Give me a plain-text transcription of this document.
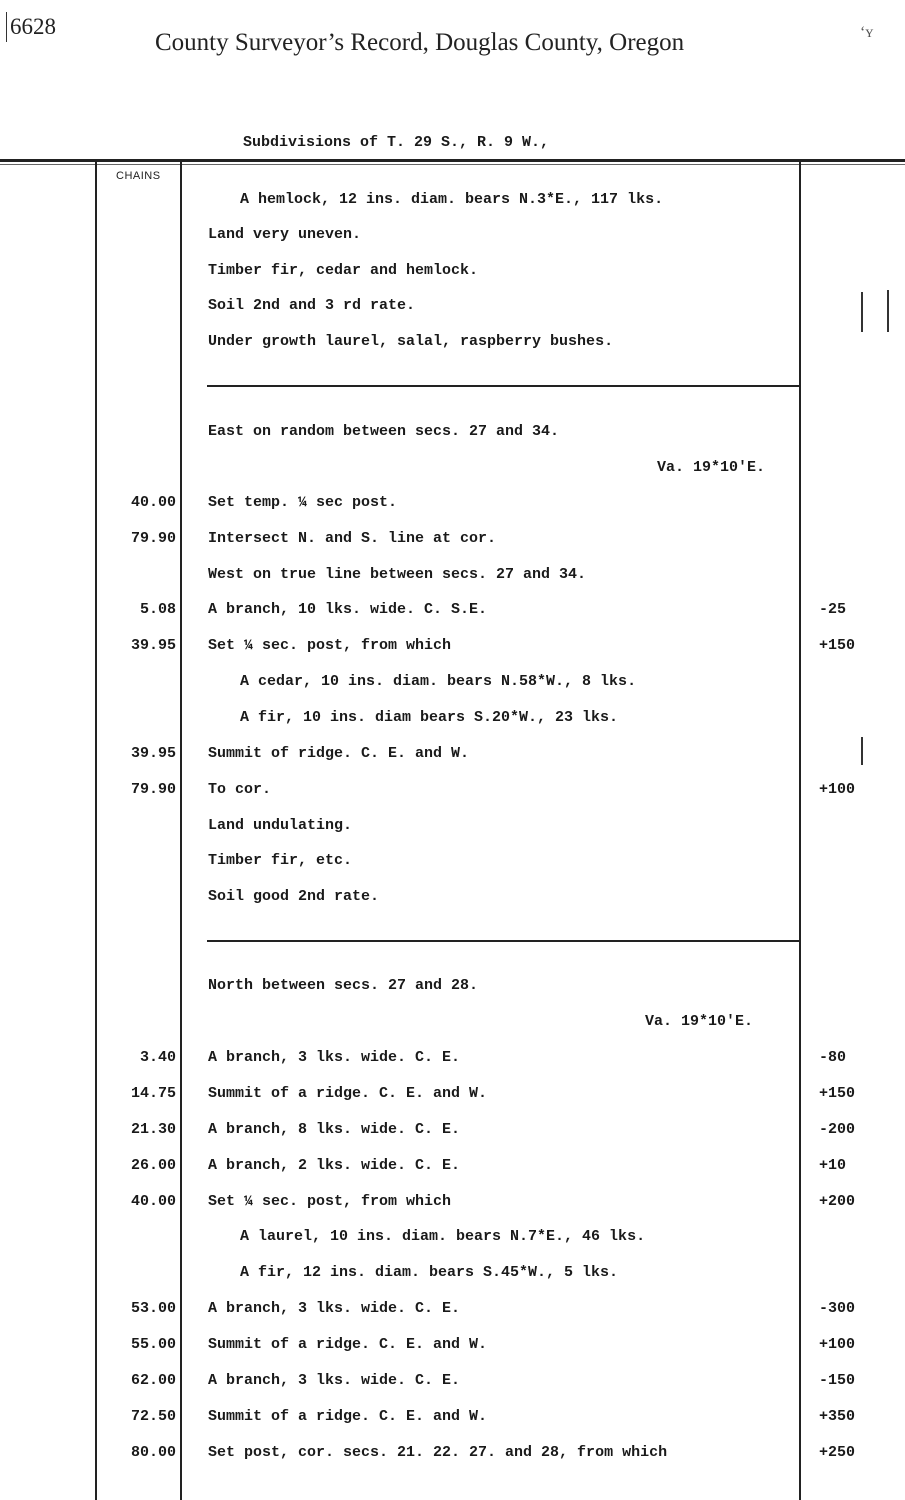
6628
County Surveyor’s Record, Douglas County, Oregon	ʻʏ
Subdivisions of T. 29 S., R. 9 W.,
CHAINS
A hemlock, 12 ins. diam. bears N.3*E., 117 lks.
Land very uneven.
Timber fir, cedar and hemlock.
Soil 2nd and 3 rd rate.
Under growth laurel, salal, raspberry bushes.
East on random between secs. 27 and 34.
Va. 19*10'E.
40.00 Set temp. ¼ sec post.
79.90 Intersect N. and S. line at cor.
West on true line between secs. 27 and 34.
5.08 A branch, 10 lks. wide. C. S.E.	-25
39.95 Set ¼ sec. post, from which	+150
A cedar, 10 ins. diam. bears N.58*W., 8 lks.
A fir, 10 ins. diam bears S.20*W., 23 lks.
39.95 Summit of ridge. C. E. and W.
79.90 To cor.	+100
Land undulating.
Timber fir, etc.
Soil good 2nd rate.
North between secs. 27 and 28.
Va. 19*10'E.
3.40 A branch, 3 lks. wide. C. E.	-80
14.75 Summit of a ridge. C. E. and W.	+150
21.30 A branch, 8 lks. wide. C. E.	-200
26.00 A branch, 2 lks. wide. C. E.	+10
40.00 Set ¼ sec. post, from which	+200
A laurel, 10 ins. diam. bears N.7*E., 46 lks.
A fir, 12 ins. diam. bears S.45*W., 5 lks.
53.00 A branch, 3 lks. wide. C. E.	-300
55.00 Summit of a ridge. C. E. and W.	+100
62.00 A branch, 3 lks. wide. C. E.	-150
72.50 Summit of a ridge. C. E. and W.	+350
80.00 Set post, cor. secs. 21. 22. 27. and 28, from which	+250
